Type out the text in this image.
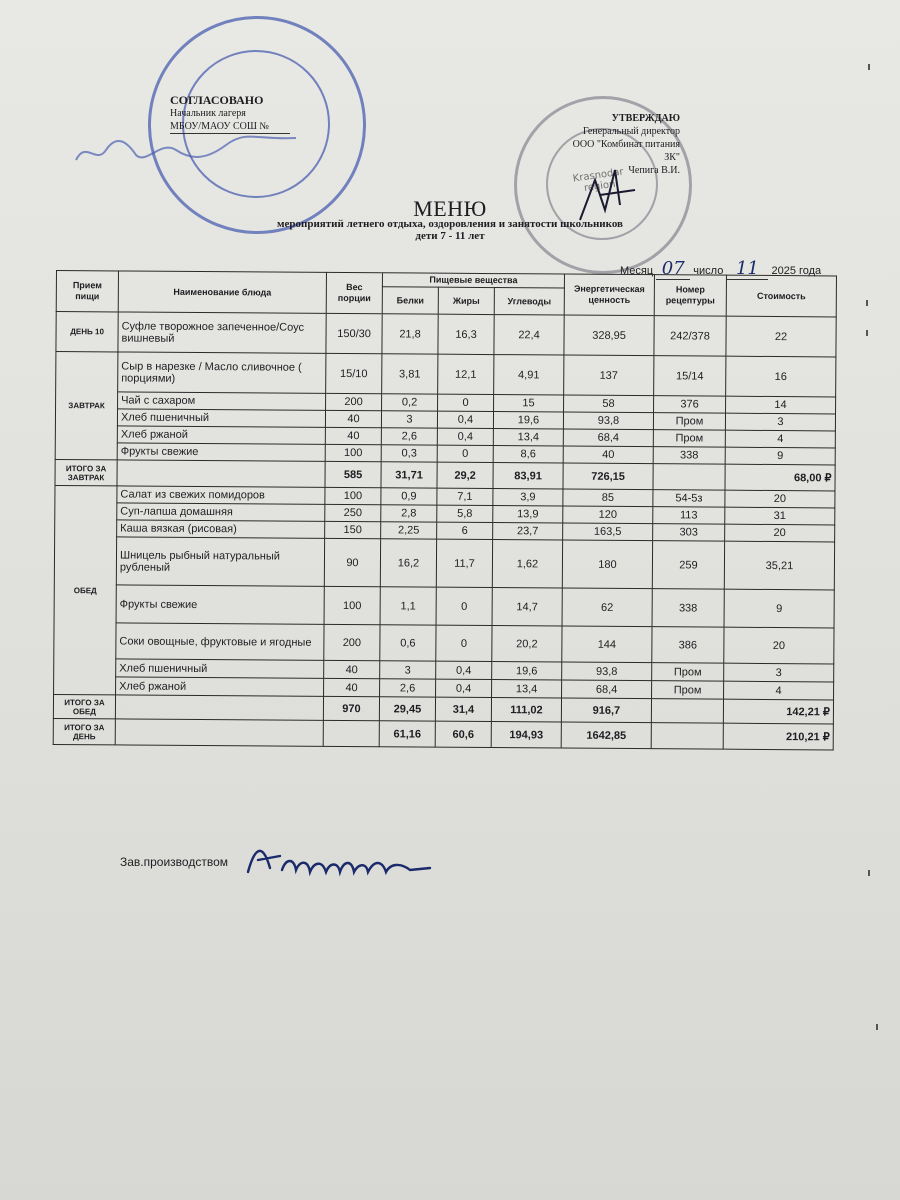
СОГЛАСОВАНО
Начальник лагеря
МБОУ/МАОУ СОШ №
Krasnodar region
УТВЕРЖДАЮ
Генеральный директор
ООО "Комбинат питания ЗК"
Чепига В.И.
МЕНЮ
мероприятий летнего отдыха, оздоровления и занятости школьников
дети 7 - 11 лет
Месяц 07 число 11 2025 года
Прием пищи	Наименование блюда	Вес порции	Пищевые вещества			Энергетическая ценность	Номер рецептуры	Стоимость
			Белки	Жиры	Углеводы			
ДЕНЬ 10	Суфле творожное запеченное/Соус вишневый	150/30	21,8	16,3	22,4	328,95	242/378	22
ЗАВТРАК	Сыр в нарезке / Масло сливочное ( порциями)	15/10	3,81	12,1	4,91	137	15/14	16
	Чай с сахаром	200	0,2	0	15	58	376	14
	Хлеб пшеничный	40	3	0,4	19,6	93,8	Пром	3
	Хлеб ржаной	40	2,6	0,4	13,4	68,4	Пром	4
	Фрукты свежие	100	0,3	0	8,6	40	338	9
ИТОГО ЗА ЗАВТРАК		585	31,71	29,2	83,91	726,15		68,00 ₽
ОБЕД	Салат из свежих помидоров	100	0,9	7,1	3,9	85	54-5з	20
	Суп-лапша домашняя	250	2,8	5,8	13,9	120	113	31
	Каша вязкая (рисовая)	150	2,25	6	23,7	163,5	303	20
	Шницель рыбный натуральный рубленый	90	16,2	11,7	1,62	180	259	35,21
	Фрукты свежие	100	1,1	0	14,7	62	338	9
	Соки овощные, фруктовые и ягодные	200	0,6	0	20,2	144	386	20
	Хлеб пшеничный	40	3	0,4	19,6	93,8	Пром	3
	Хлеб ржаной	40	2,6	0,4	13,4	68,4	Пром	4
ИТОГО ЗА ОБЕД		970	29,45	31,4	111,02	916,7		142,21 ₽
ИТОГО ЗА ДЕНЬ			61,16	60,6	194,93	1642,85		210,21 ₽
Зав.производством
